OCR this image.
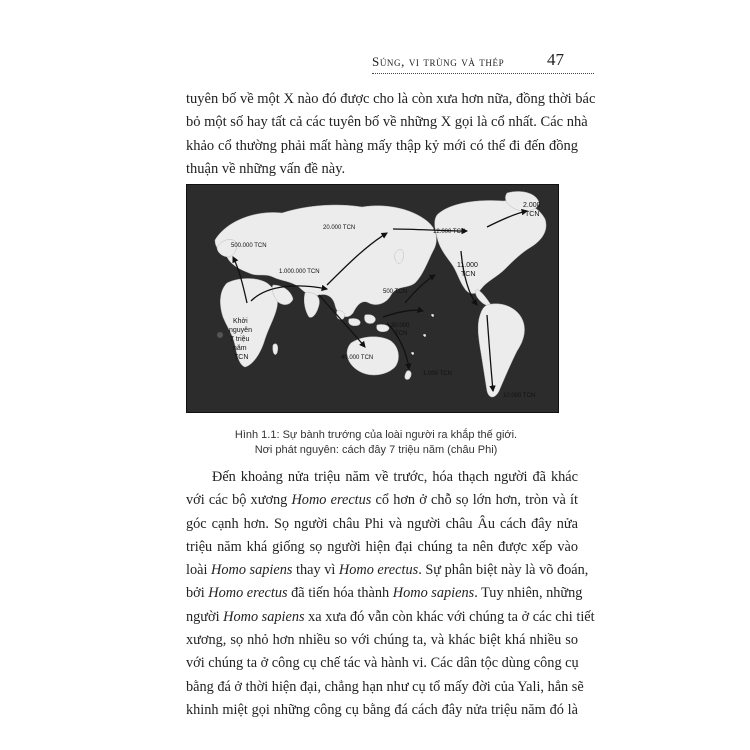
Súng, vi trùng và thép	47
tuyên bố về một X nào đó được cho là còn xưa hơn nữa, đồng thời bác
bỏ một số hay tất cả các tuyên bố về những X gọi là cổ nhất. Các nhà
khảo cổ thường phải mất hàng mấy thập kỷ mới có thể đi đến đồng
thuận về những vấn đề này.
500.000 TCN
1.000.000 TCN
20.000 TCN
12.000 TCN
2.000
TCN
11.000
TCN
500 TCN
30.000
TCN
40.000 TCN
1.000 TCN
10.000 TCN
Khởi
nguyên
7 triệu
năm
TCN
Hình 1.1: Sự bành trướng của loài người ra khắp thế giới.
Nơi phát nguyên: cách đây 7 triệu năm (châu Phi)
Đến khoảng nửa triệu năm về trước, hóa thạch người đã khác
với các bộ xương Homo erectus cổ hơn ở chỗ sọ lớn hơn, tròn và ít
góc cạnh hơn. Sọ người châu Phi và người châu Âu cách đây nửa
triệu năm khá giống sọ người hiện đại chúng ta nên được xếp vào
loài Homo sapiens thay vì Homo erectus. Sự phân biệt này là võ đoán,
bởi Homo erectus đã tiến hóa thành Homo sapiens. Tuy nhiên, những
người Homo sapiens xa xưa đó vẫn còn khác với chúng ta ở các chi tiết
xương, sọ nhỏ hơn nhiều so với chúng ta, và khác biệt khá nhiều so
với chúng ta ở công cụ chế tác và hành vi. Các dân tộc dùng công cụ
bằng đá ở thời hiện đại, chẳng hạn như cụ tổ mấy đời của Yali, hẳn sẽ
khinh miệt gọi những công cụ bằng đá cách đây nửa triệu năm đó là
